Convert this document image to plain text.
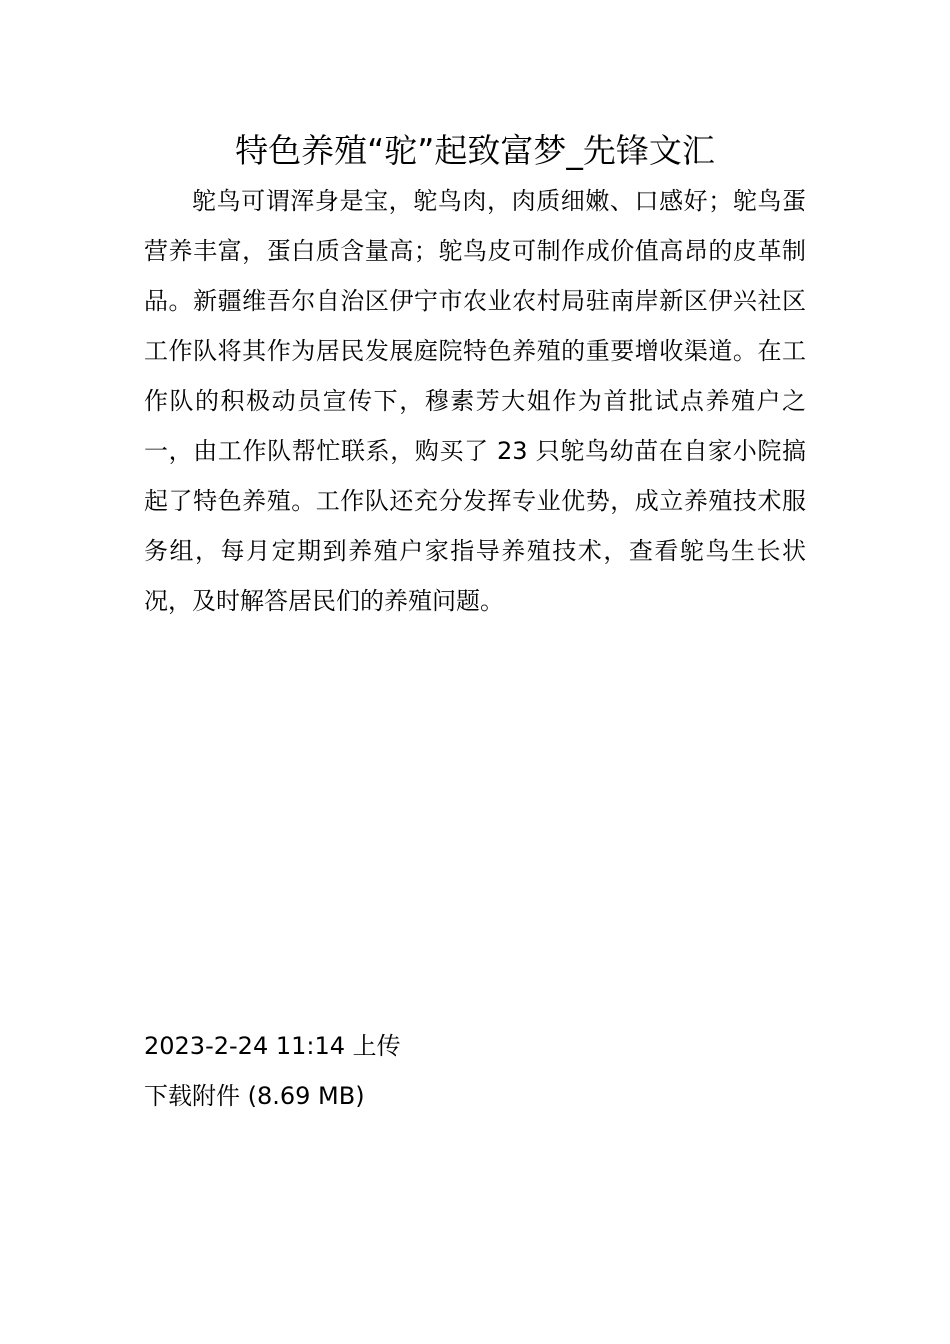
特色养殖“驼”起致富梦_先锋文汇

鸵鸟可谓浑身是宝，鸵鸟肉，肉质细嫩、口感好；鸵鸟蛋营养丰富，蛋白质含量高；鸵鸟皮可制作成价值高昂的皮革制品。新疆维吾尔自治区伊宁市农业农村局驻南岸新区伊兴社区工作队将其作为居民发展庭院特色养殖的重要增收渠道。在工作队的积极动员宣传下，穆素芳大姐作为首批试点养殖户之一，由工作队帮忙联系，购买了 23 只鸵鸟幼苗在自家小院搞起了特色养殖。工作队还充分发挥专业优势，成立养殖技术服务组，每月定期到养殖户家指导养殖技术，查看鸵鸟生长状况，及时解答居民们的养殖问题。

2023-2-24 11:14 上传
下载附件 (8.69 MB)
